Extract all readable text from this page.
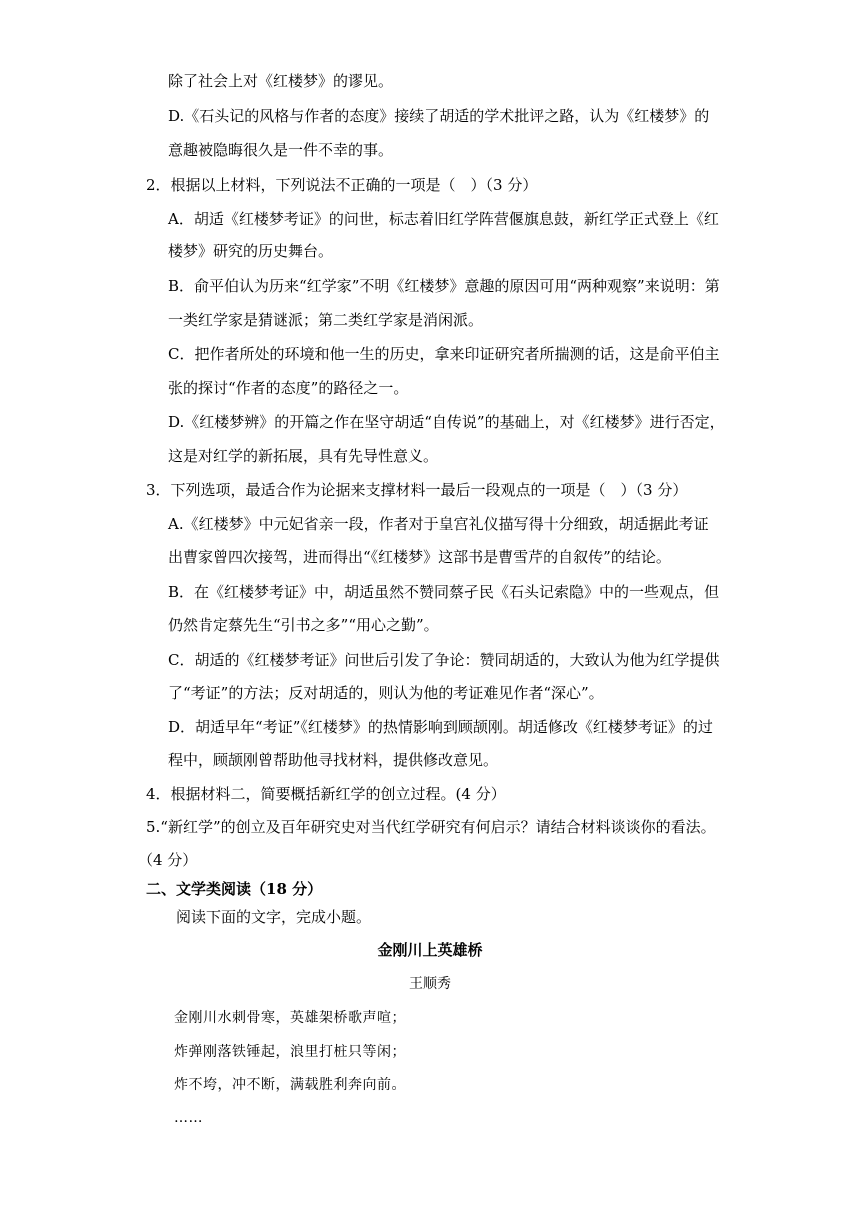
除了社会上对《红楼梦》的谬见。
D.《石头记的风格与作者的态度》接续了胡适的学术批评之路，认为《红楼梦》的
意趣被隐晦很久是一件不幸的事。
2．根据以上材料，下列说法不正确的一项是（　）（3 分）
A．胡适《红楼梦考证》的问世，标志着旧红学阵营偃旗息鼓，新红学正式登上《红
楼梦》研究的历史舞台。
B．俞平伯认为历来“红学家”不明《红楼梦》意趣的原因可用“两种观察”来说明：第
一类红学家是猜谜派；第二类红学家是消闲派。
C．把作者所处的环境和他一生的历史，拿来印证研究者所揣测的话，这是俞平伯主
张的探讨“作者的态度”的路径之一。
D.《红楼梦辨》的开篇之作在坚守胡适“自传说”的基础上，对《红楼梦》进行否定，
这是对红学的新拓展，具有先导性意义。
3．下列选项，最适合作为论据来支撑材料一最后一段观点的一项是（　）（3 分）
A.《红楼梦》中元妃省亲一段，作者对于皇宫礼仪描写得十分细致，胡适据此考证
出曹家曾四次接驾，进而得出“《红楼梦》这部书是曹雪芹的自叙传”的结论。
B．在《红楼梦考证》中，胡适虽然不赞同蔡孑民《石头记索隐》中的一些观点，但
仍然肯定蔡先生“引书之多”“用心之勤”。
C．胡适的《红楼梦考证》问世后引发了争论：赞同胡适的，大致认为他为红学提供
了“考证”的方法；反对胡适的，则认为他的考证难见作者“深心”。
D．胡适早年“考证”《红楼梦》的热情影响到顾颉刚。胡适修改《红楼梦考证》的过
程中，顾颉刚曾帮助他寻找材料，提供修改意见。
4．根据材料二，简要概括新红学的创立过程。(4 分）
5.“新红学”的创立及百年研究史对当代红学研究有何启示？请结合材料谈谈你的看法。
（4 分）
二、文学类阅读（18 分）
阅读下面的文字，完成小题。
金刚川上英雄桥
王顺秀
金刚川水刺骨寒，英雄架桥歌声喧；
炸弹刚落铁锤起，浪里打桩只等闲；
炸不垮，冲不断，满载胜利奔向前。
……
